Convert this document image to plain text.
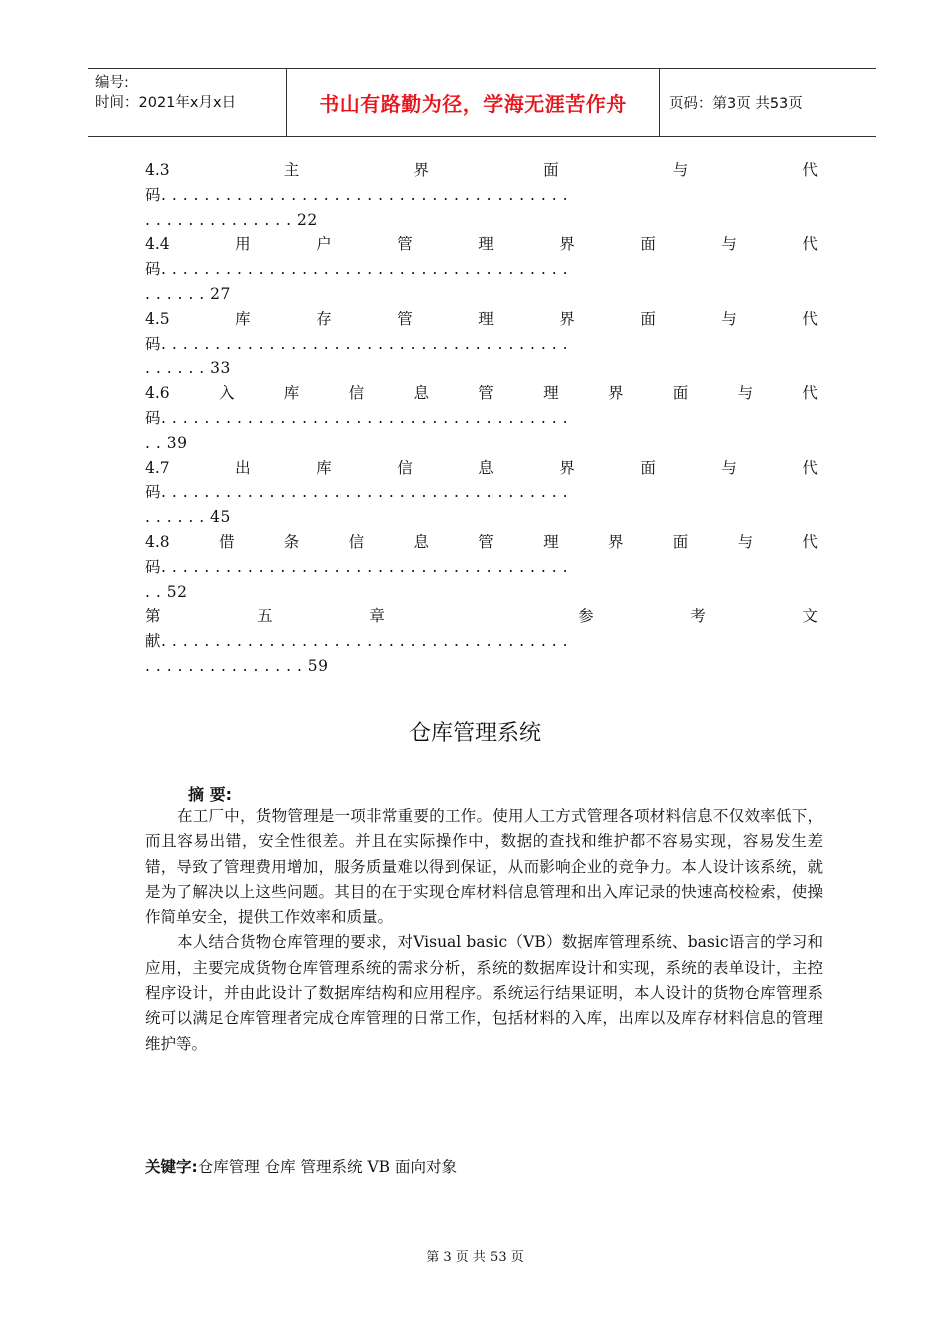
编号:
时间：2021年x月x日	书山有路勤为径，学海无涯苦作舟	页码：第3页 共53页
4.3	主	界	面	与	代
码. . . . . . . . . . . . . . . . . . . . . . . . . . . . . . . . . . . . . .
. . . . . . . . . . . . . . 22
4.4	用	户	管	理	界	面	与	代
码. . . . . . . . . . . . . . . . . . . . . . . . . . . . . . . . . . . . . .
. . . . . . 27
4.5	库	存	管	理	界	面	与	代
码. . . . . . . . . . . . . . . . . . . . . . . . . . . . . . . . . . . . . .
. . . . . . 33
4.6	入	库	信	息	管	理	界	面	与	代
码. . . . . . . . . . . . . . . . . . . . . . . . . . . . . . . . . . . . . .
. . 39
4.7	出	库	信	息	界	面	与	代
码. . . . . . . . . . . . . . . . . . . . . . . . . . . . . . . . . . . . . .
. . . . . . 45
4.8	借	条	信	息	管	理	界	面	与	代
码. . . . . . . . . . . . . . . . . . . . . . . . . . . . . . . . . . . . . .
. . 52
第	五	章	参	考	文
献. . . . . . . . . . . . . . . . . . . . . . . . . . . . . . . . . . . . . .
. . . . . . . . . . . . . . . 59
仓库管理系统
摘 要:

在工厂中，货物管理是一项非常重要的工作。使用人工方式管理各项材料信息不仅效率低下，而且容易出错，安全性很差。并且在实际操作中，数据的查找和维护都不容易实现，容易发生差错，导致了管理费用增加，服务质量难以得到保证，从而影响企业的竞争力。本人设计该系统，就是为了解决以上这些问题。其目的在于实现仓库材料信息管理和出入库记录的快速高校检索，使操作简单安全，提供工作效率和质量。

本人结合货物仓库管理的要求，对Visual basic（VB）数据库管理系统、basic语言的学习和应用，主要完成货物仓库管理系统的需求分析，系统的数据库设计和实现，系统的表单设计，主控程序设计，并由此设计了数据库结构和应用程序。系统运行结果证明，本人设计的货物仓库管理系统可以满足仓库管理者完成仓库管理的日常工作，包括材料的入库，出库以及库存材料信息的管理维护等。

关键字:仓库管理 仓库 管理系统 VB 面向对象
第 3 页 共 53 页
